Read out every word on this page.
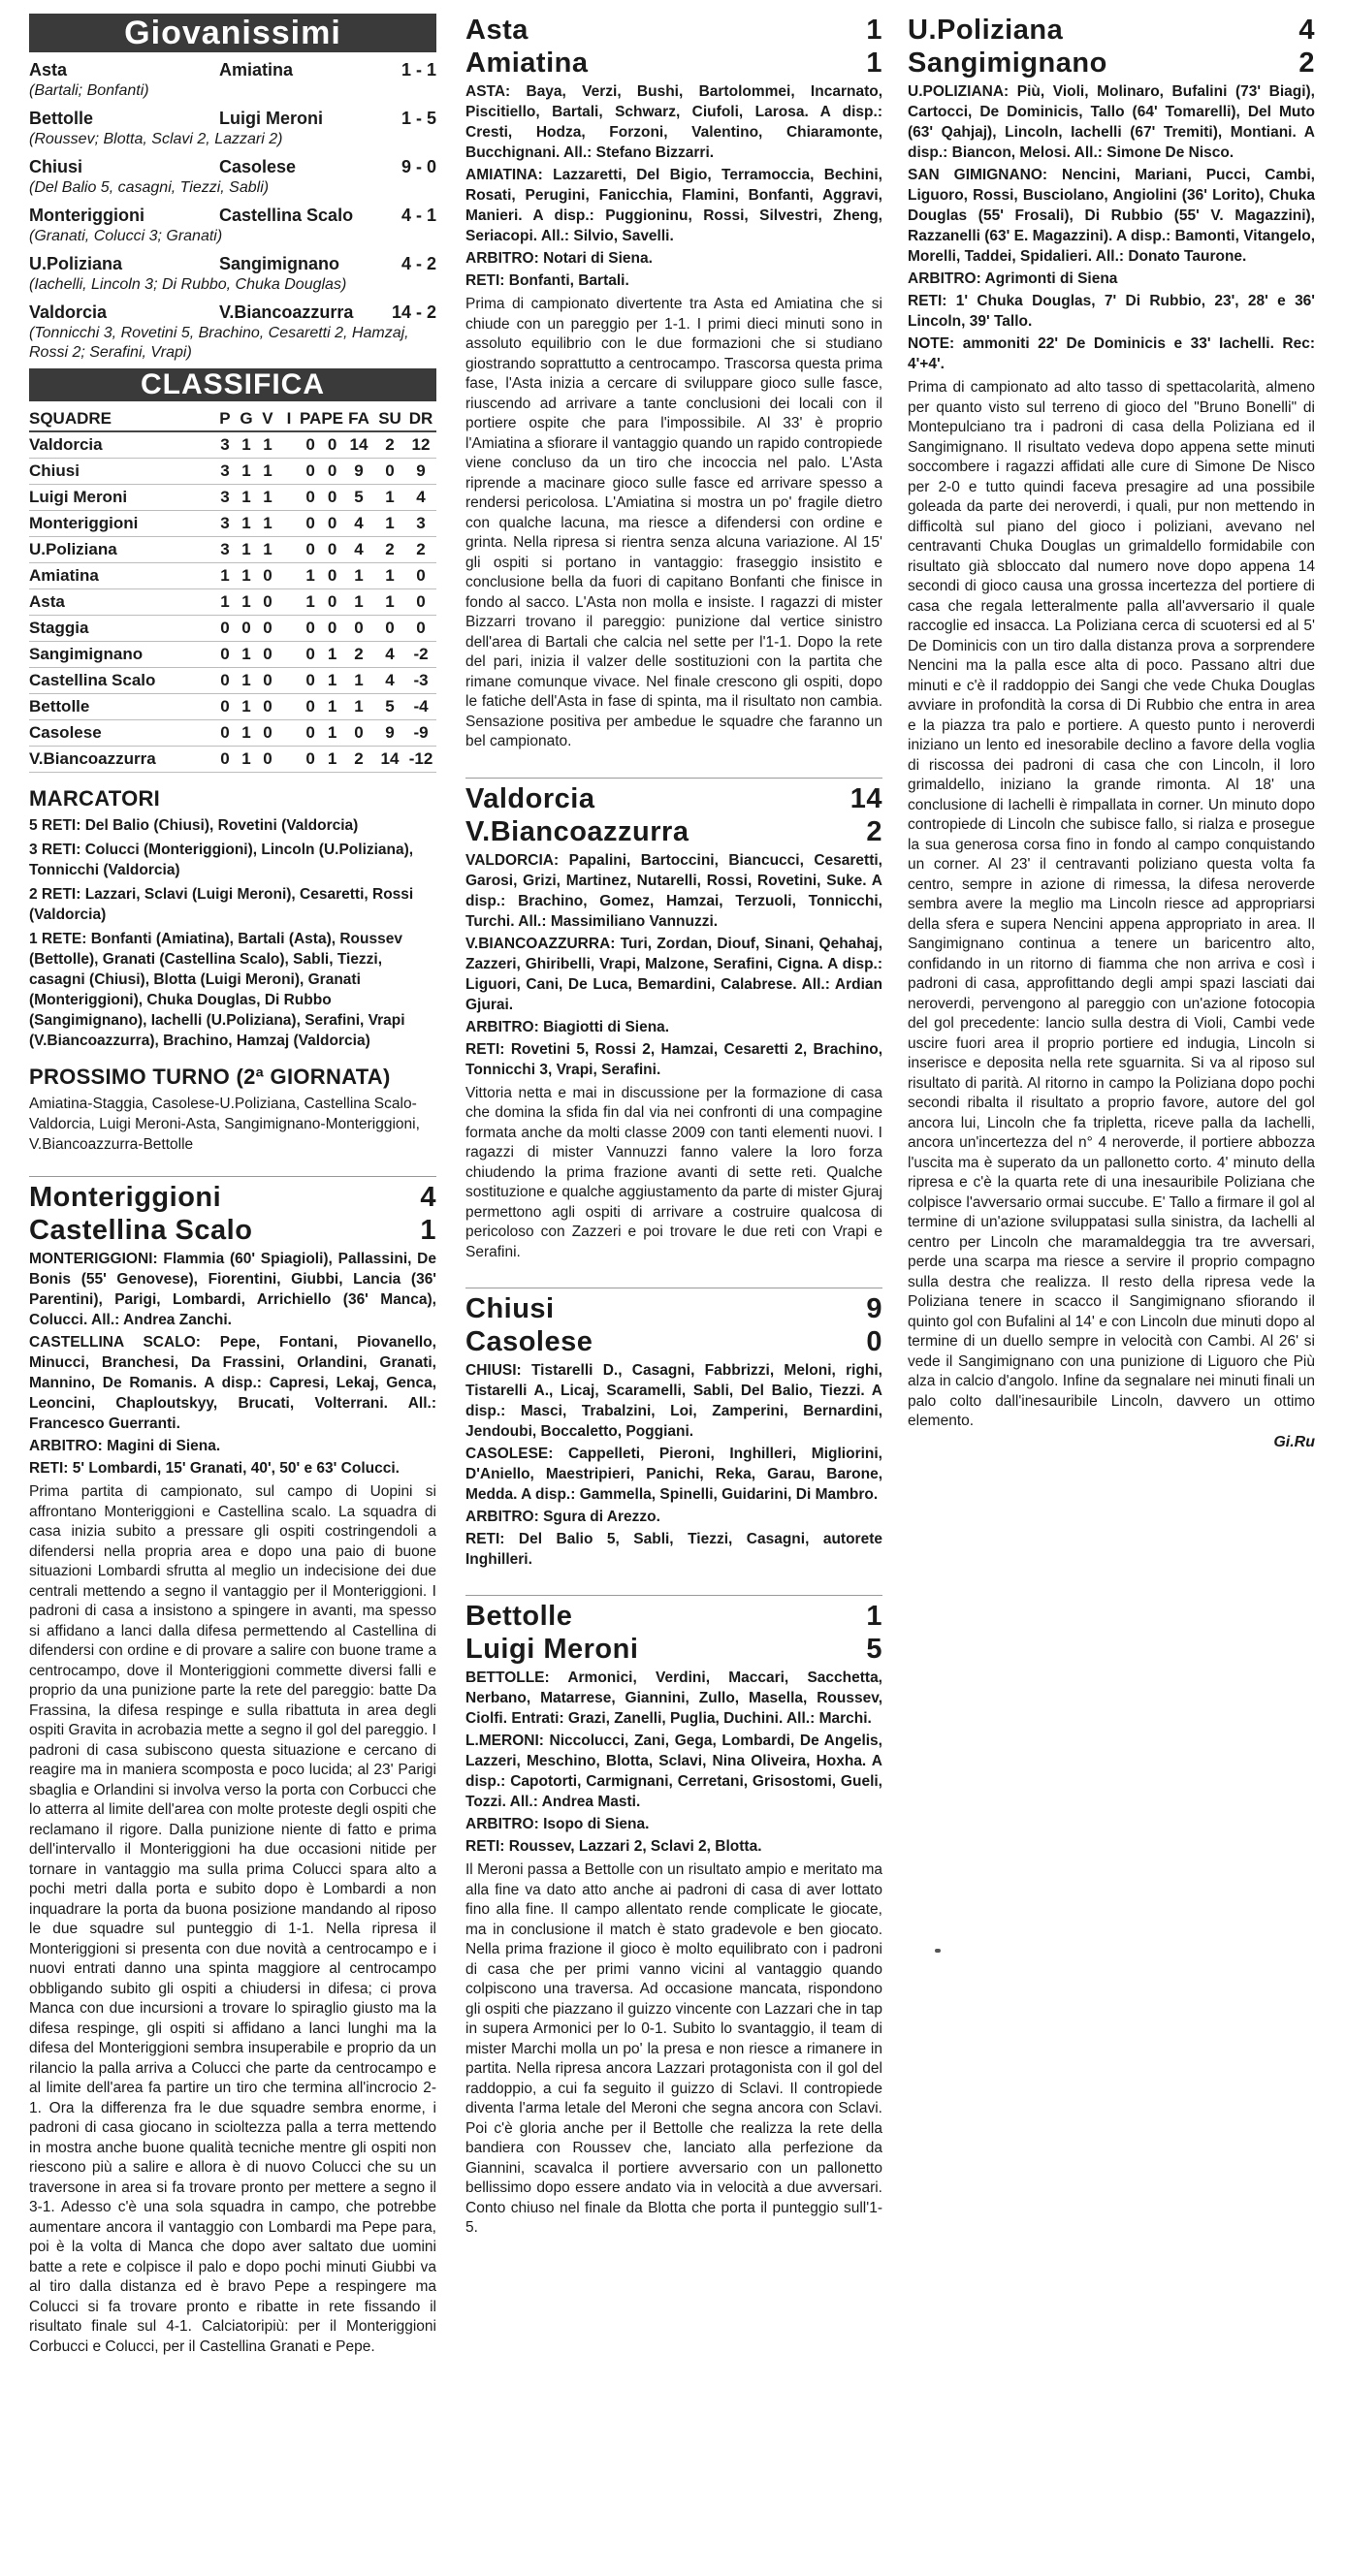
Giovanissimi
Asta	Amiatina	1 - 1
(Bartali; Bonfanti)
Bettolle	Luigi Meroni	1 - 5
(Roussev; Blotta, Sclavi 2, Lazzari 2)
Chiusi	Casolese	9 - 0
(Del Balio 5, casagni, Tiezzi, Sabli)
Monteriggioni	Castellina Scalo	4 - 1
(Granati, Colucci 3; Granati)
U.Poliziana	Sangimignano	4 - 2
(Iachelli, Lincoln 3; Di Rubbo, Chuka Douglas)
Valdorcia	V.Biancoazzurra	14 - 2
(Tonnicchi 3, Rovetini 5, Brachino, Cesaretti 2, Hamzaj, Rossi 2; Serafini, Vrapi)
CLASSIFICA
SQUADRE	P	G	V	I	PA	PE	FA	SU	DR
Valdorcia	3	1	1		0	0	14	2	12
Chiusi	3	1	1		0	0	9	0	9
Luigi Meroni	3	1	1		0	0	5	1	4
Monteriggioni	3	1	1		0	0	4	1	3
U.Poliziana	3	1	1		0	0	4	2	2
Amiatina	1	1	0		1	0	1	1	0
Asta	1	1	0		1	0	1	1	0
Staggia	0	0	0		0	0	0	0	0
Sangimignano	0	1	0		0	1	2	4	-2
Castellina Scalo	0	1	0		0	1	1	4	-3
Bettolle	0	1	0		0	1	1	5	-4
Casolese	0	1	0		0	1	0	9	-9
V.Biancoazzurra	0	1	0		0	1	2	14	-12
MARCATORI
5 RETI: Del Balio (Chiusi), Rovetini (Valdorcia)
3 RETI: Colucci (Monteriggioni), Lincoln (U.Poliziana), Tonnicchi (Valdorcia)
2 RETI: Lazzari, Sclavi (Luigi Meroni), Cesaretti, Rossi (Valdorcia)
1 RETE: Bonfanti (Amiatina), Bartali (Asta), Roussev (Bettolle), Granati (Castellina Scalo), Sabli, Tiezzi, casagni (Chiusi), Blotta (Luigi Meroni), Granati (Monteriggioni), Chuka Douglas, Di Rubbo (Sangimignano), Iachelli (U.Poliziana), Serafini, Vrapi (V.Biancoazzurra), Brachino, Hamzaj (Valdorcia)
PROSSIMO TURNO (2ª GIORNATA)
Amiatina-Staggia, Casolese-U.Poliziana, Castellina Scalo-Valdorcia, Luigi Meroni-Asta, Sangimignano-Monteriggioni, V.Biancoazzurra-Bettolle
Monteriggioni	4
Castellina Scalo	1
MONTERIGGIONI: Flammia (60' Spiagioli), Pallassini, De Bonis (55' Genovese), Fiorentini, Giubbi, Lancia (36' Parentini), Parigi, Lombardi, Arrichiello (36' Manca), Colucci. All.: Andrea Zanchi.
CASTELLINA SCALO: Pepe, Fontani, Piovanello, Minucci, Branchesi, Da Frassini, Orlandini, Granati, Mannino, De Romanis. A disp.: Capresi, Lekaj, Genca, Leoncini, Chaploutskyy, Brucati, Volterrani. All.: Francesco Guerranti.
ARBITRO: Magini di Siena.
RETI: 5' Lombardi, 15' Granati, 40', 50' e 63' Colucci.
Prima partita di campionato, sul campo di Uopini si affrontano Monteriggioni e Castellina scalo. La squadra di casa inizia subito a pressare gli ospiti costringendoli a difendersi nella propria area e dopo una paio di buone situazioni Lombardi sfrutta al meglio un indecisione dei due centrali mettendo a segno il vantaggio per il Monteriggioni. I padroni di casa a insistono a spingere in avanti, ma spesso si affidano a lanci dalla difesa permettendo al Castellina di difendersi con ordine e di provare a salire con buone trame a centrocampo, dove il Monteriggioni commette diversi falli e proprio da una punizione parte la rete del pareggio: batte Da Frassina, la difesa respinge e sulla ribattuta in area degli ospiti Gravita in acrobazia mette a segno il gol del pareggio. I padroni di casa subiscono questa situazione e cercano di reagire ma in maniera scomposta e poco lucida; al 23' Parigi sbaglia e Orlandini si involva verso la porta con Corbucci che lo atterra al limite dell'area con molte proteste degli ospiti che reclamano il rigore. Dalla punizione niente di fatto e prima dell'intervallo il Monteriggioni ha due occasioni nitide per tornare in vantaggio ma sulla prima Colucci spara alto a pochi metri dalla porta e subito dopo è Lombardi a non inquadrare la porta da buona posizione mandando al riposo le due squadre sul punteggio di 1-1. Nella ripresa il Monteriggioni si presenta con due novità a centrocampo e i nuovi entrati danno una spinta maggiore al centrocampo obbligando subito gli ospiti a chiudersi in difesa; ci prova Manca con due incursioni a trovare lo spiraglio giusto ma la difesa respinge, gli ospiti si affidano a lanci lunghi ma la difesa del Monteriggioni sembra insuperabile e proprio da un rilancio la palla arriva a Colucci che parte da centrocampo e al limite dell'area fa partire un tiro che termina all'incrocio 2-1. Ora la differenza fra le due squadre sembra enorme, i padroni di casa giocano in scioltezza palla a terra mettendo in mostra anche buone qualità tecniche mentre gli ospiti non riescono più a salire e allora è di nuovo Colucci che su un traversone in area si fa trovare pronto per mettere a segno il 3-1. Adesso c'è una sola squadra in campo, che potrebbe aumentare ancora il vantaggio con Lombardi ma Pepe para, poi è la volta di Manca che dopo aver saltato due uomini batte a rete e colpisce il palo e dopo pochi minuti Giubbi va al tiro dalla distanza ed è bravo Pepe a respingere ma Colucci si fa trovare pronto e ribatte in rete fissando il risultato finale sul 4-1. Calciatoripiù: per il Monteriggioni Corbucci e Colucci, per il Castellina Granati e Pepe.
Asta	1
Amiatina	1
ASTA: Baya, Verzi, Bushi, Bartolommei, Incarnato, Piscitiello, Bartali, Schwarz, Ciufoli, Larosa. A disp.: Cresti, Hodza, Forzoni, Valentino, Chiaramonte, Bucchignani. All.: Stefano Bizzarri.
AMIATINA: Lazzaretti, Del Bigio, Terramoccia, Bechini, Rosati, Perugini, Fanicchia, Flamini, Bonfanti, Aggravi, Manieri. A disp.: Puggioninu, Rossi, Silvestri, Zheng, Seriacopi. All.: Silvio, Savelli.
ARBITRO: Notari di Siena.
RETI: Bonfanti, Bartali.
Prima di campionato divertente tra Asta ed Amiatina che si chiude con un pareggio per 1-1. I primi dieci minuti sono in assoluto equilibrio con le due formazioni che si studiano giostrando soprattutto a centrocampo. Trascorsa questa prima fase, l'Asta inizia a cercare di sviluppare gioco sulle fasce, riuscendo ad arrivare a tante conclusioni dei locali con il portiere ospite che para l'impossibile. Al 33' è proprio l'Amiatina a sfiorare il vantaggio quando un rapido contropiede viene concluso da un tiro che incoccia nel palo. L'Asta riprende a macinare gioco sulle fasce ed arrivare spesso a rendersi pericolosa. L'Amiatina si mostra un po' fragile dietro con qualche lacuna, ma riesce a difendersi con ordine e grinta. Nella ripresa si rientra senza alcuna variazione. Al 15' gli ospiti si portano in vantaggio: fraseggio insistito e conclusione bella da fuori di capitano Bonfanti che finisce in fondo al sacco. L'Asta non molla e insiste. I ragazzi di mister Bizzarri trovano il pareggio: punizione dal vertice sinistro dell'area di Bartali che calcia nel sette per l'1-1. Dopo la rete del pari, inizia il valzer delle sostituzioni con la partita che rimane comunque vivace. Nel finale crescono gli ospiti, dopo le fatiche dell'Asta in fase di spinta, ma il risultato non cambia. Sensazione positiva per ambedue le squadre che faranno un bel campionato.
Valdorcia	14
V.Biancoazzurra	2
VALDORCIA: Papalini, Bartoccini, Biancucci, Cesaretti, Garosi, Grizi, Martinez, Nutarelli, Rossi, Rovetini, Suke. A disp.: Brachino, Gomez, Hamzai, Terzuoli, Tonnicchi, Turchi. All.: Massimiliano Vannuzzi.
V.BIANCOAZZURRA: Turi, Zordan, Diouf, Sinani, Qehahaj, Zazzeri, Ghiribelli, Vrapi, Malzone, Serafini, Cigna. A disp.: Liguori, Cani, De Luca, Bemardini, Calabrese. All.: Ardian Gjurai.
ARBITRO: Biagiotti di Siena.
RETI: Rovetini 5, Rossi 2, Hamzai, Cesaretti 2, Brachino, Tonnicchi 3, Vrapi, Serafini.
Vittoria netta e mai in discussione per la formazione di casa che domina la sfida fin dal via nei confronti di una compagine formata anche da molti classe 2009 con tanti elementi nuovi. I ragazzi di mister Vannuzzi fanno valere la loro forza chiudendo la prima frazione avanti di sette reti. Qualche sostituzione e qualche aggiustamento da parte di mister Gjuraj permettono agli ospiti di arrivare a costruire qualcosa di pericoloso con Zazzeri e poi trovare le due reti con Vrapi e Serafini.
Chiusi	9
Casolese	0
CHIUSI: Tistarelli D., Casagni, Fabbrizzi, Meloni, righi, Tistarelli A., Licaj, Scaramelli, Sabli, Del Balio, Tiezzi. A disp.: Masci, Trabalzini, Loi, Zamperini, Bernardini, Jendoubi, Boccaletto, Poggiani.
CASOLESE: Cappelleti, Pieroni, Inghilleri, Migliorini, D'Aniello, Maestripieri, Panichi, Reka, Garau, Barone, Medda. A disp.: Gammella, Spinelli, Guidarini, Di Mambro.
ARBITRO: Sgura di Arezzo.
RETI: Del Balio 5, Sabli, Tiezzi, Casagni, autorete Inghilleri.
Bettolle	1
Luigi Meroni	5
BETTOLLE: Armonici, Verdini, Maccari, Sacchetta, Nerbano, Matarrese, Giannini, Zullo, Masella, Roussev, Ciolfi. Entrati: Grazi, Zanelli, Puglia, Duchini. All.: Marchi.
L.MERONI: Niccolucci, Zani, Gega, Lombardi, De Angelis, Lazzeri, Meschino, Blotta, Sclavi, Nina Oliveira, Hoxha. A disp.: Capotorti, Carmignani, Cerretani, Grisostomi, Gueli, Tozzi. All.: Andrea Masti.
ARBITRO: Isopo di Siena.
RETI: Roussev, Lazzari 2, Sclavi 2, Blotta.
Il Meroni passa a Bettolle con un risultato ampio e meritato ma alla fine va dato atto anche ai padroni di casa di aver lottato fino alla fine. Il campo allentato rende complicate le giocate, ma in conclusione il match è stato gradevole e ben giocato. Nella prima frazione il gioco è molto equilibrato con i padroni di casa che per primi vanno vicini al vantaggio quando colpiscono una traversa. Ad occasione mancata, rispondono gli ospiti che piazzano il guizzo vincente con Lazzari che in tap in supera Armonici per lo 0-1. Subito lo svantaggio, il team di mister Marchi molla un po' la presa e non riesce a rimanere in partita. Nella ripresa ancora Lazzari protagonista con il gol del raddoppio, a cui fa seguito il guizzo di Sclavi. Il contropiede diventa l'arma letale del Meroni che segna ancora con Sclavi. Poi c'è gloria anche per il Bettolle che realizza la rete della bandiera con Roussev che, lanciato alla perfezione da Giannini, scavalca il portiere avversario con un pallonetto bellissimo dopo essere andato via in velocità a due avversari. Conto chiuso nel finale da Blotta che porta il punteggio sull'1-5.
U.Poliziana	4
Sangimignano	2
U.POLIZIANA: Più, Violi, Molinaro, Bufalini (73' Biagi), Cartocci, De Dominicis, Tallo (64' Tomarelli), Del Muto (63' Qahjaj), Lincoln, Iachelli (67' Tremiti), Montiani. A disp.: Biancon, Melosi. All.: Simone De Nisco.
SAN GIMIGNANO: Nencini, Mariani, Pucci, Cambi, Liguoro, Rossi, Busciolano, Angiolini (36' Lorito), Chuka Douglas (55' Frosali), Di Rubbio (55' V. Magazzini), Razzanelli (63' E. Magazzini). A disp.: Bamonti, Vitangelo, Morelli, Taddei, Spidalieri. All.: Donato Taurone.
ARBITRO: Agrimonti di Siena
RETI: 1' Chuka Douglas, 7' Di Rubbio, 23', 28' e 36' Lincoln, 39' Tallo.
NOTE: ammoniti 22' De Dominicis e 33' Iachelli. Rec: 4'+4'.
Prima di campionato ad alto tasso di spettacolarità, almeno per quanto visto sul terreno di gioco del "Bruno Bonelli" di Montepulciano tra i padroni di casa della Poliziana ed il Sangimignano. Il risultato vedeva dopo appena sette minuti soccombere i ragazzi affidati alle cure di Simone De Nisco per 2-0 e tutto quindi faceva presagire ad una possibile goleada da parte dei neroverdi, i quali, pur non mettendo in difficoltà sul piano del gioco i poliziani, avevano nel centravanti Chuka Douglas un grimaldello formidabile con risultato già sbloccato dal numero nove dopo appena 14 secondi di gioco causa una grossa incertezza del portiere di casa che regala letteralmente palla all'avversario il quale raccoglie ed insacca. La Poliziana cerca di scuotersi ed al 5' De Dominicis con un tiro dalla distanza prova a sorprendere Nencini ma la palla esce alta di poco. Passano altri due minuti e c'è il raddoppio dei Sangi che vede Chuka Douglas avviare in profondità la corsa di Di Rubbio che entra in area e la piazza tra palo e portiere. A questo punto i neroverdi iniziano un lento ed inesorabile declino a favore della voglia di riscossa dei padroni di casa che con Lincoln, il loro grimaldello, iniziano la grande rimonta. Al 18' una conclusione di Iachelli è rimpallata in corner. Un minuto dopo contropiede di Lincoln che subisce fallo, si rialza e prosegue la sua generosa corsa fino in fondo al campo conquistando un corner. Al 23' il centravanti poliziano questa volta fa centro, sempre in azione di rimessa, la difesa neroverde sembra avere la meglio ma Lincoln riesce ad appropriarsi della sfera e supera Nencini appena appropriato in area. Il Sangimignano continua a tenere un baricentro alto, confidando in un ritorno di fiamma che non arriva e così i padroni di casa, approfittando degli ampi spazi lasciati dai neroverdi, pervengono al pareggio con un'azione fotocopia del gol precedente: lancio sulla destra di Violi, Cambi vede uscire fuori area il proprio portiere ed indugia, Lincoln si inserisce e deposita nella rete sguarnita. Si va al riposo sul risultato di parità. Al ritorno in campo la Poliziana dopo pochi secondi ribalta il risultato a proprio favore, autore del gol ancora lui, Lincoln che fa tripletta, riceve palla da Iachelli, ancora un'incertezza del n° 4 neroverde, il portiere abbozza l'uscita ma è superato da un pallonetto corto. 4' minuto della ripresa e c'è la quarta rete di una inesauribile Poliziana che colpisce l'avversario ormai succube. E' Tallo a firmare il gol al termine di un'azione sviluppatasi sulla sinistra, da Iachelli al centro per Lincoln che maramaldeggia tra tre avversari, perde una scarpa ma riesce a servire il proprio compagno sulla destra che realizza. Il resto della ripresa vede la Poliziana tenere in scacco il Sangimignano sfiorando il quinto gol con Bufalini al 14' e con Lincoln due minuti dopo al termine di un duello sempre in velocità con Cambi. Al 26' si vede il Sangimignano con una punizione di Liguoro che Più alza in calcio d'angolo. Infine da segnalare nei minuti finali un palo colto dall'inesauribile Lincoln, davvero un ottimo elemento.
Gi.Ru
